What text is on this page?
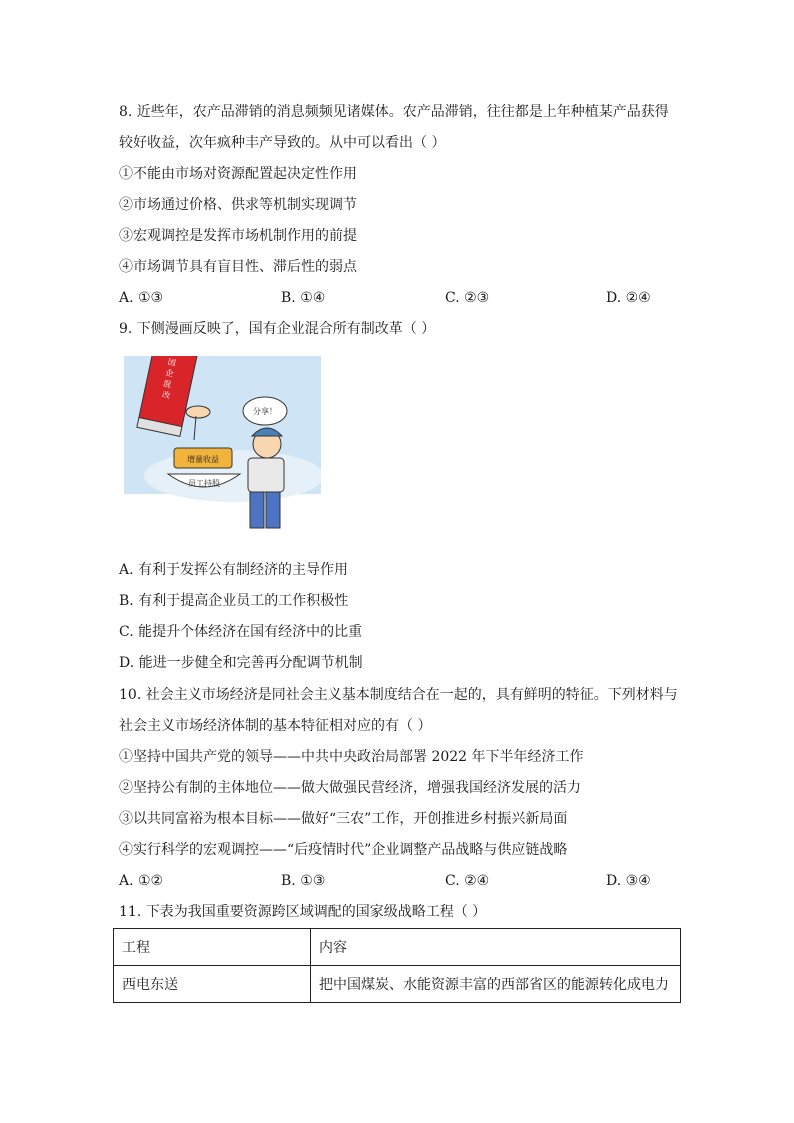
8. 近些年，农产品滞销的消息频频见诸媒体。农产品滞销，往往都是上年种植某产品获得
较好收益，次年疯种丰产导致的。从中可以看出（ ）
①不能由市场对资源配置起决定性作用
②市场通过价格、供求等机制实现调节
③宏观调控是发挥市场机制作用的前提
④市场调节具有盲目性、滞后性的弱点
A. ①③	B. ①④	C. ②③	D. ②④
9. 下侧漫画反映了，国有企业混合所有制改革（ ）
国 企 混 改
分享！
增量收益
员工持股
A. 有利于发挥公有制经济的主导作用
B. 有利于提高企业员工的工作积极性
C. 能提升个体经济在国有经济中的比重
D. 能进一步健全和完善再分配调节机制
10. 社会主义市场经济是同社会主义基本制度结合在一起的，具有鲜明的特征。下列材料与
社会主义市场经济体制的基本特征相对应的有（ ）
①坚持中国共产党的领导——中共中央政治局部署 2022 年下半年经济工作
②坚持公有制的主体地位——做大做强民营经济，增强我国经济发展的活力
③以共同富裕为根本目标——做好“三农”工作，开创推进乡村振兴新局面
④实行科学的宏观调控——“后疫情时代”企业调整产品战略与供应链战略
A. ①②	B. ①③	C. ②④	D. ③④
11. 下表为我国重要资源跨区域调配的国家级战略工程（ ）
工程	内容
西电东送	把中国煤炭、水能资源丰富的西部省区的能源转化成电力
